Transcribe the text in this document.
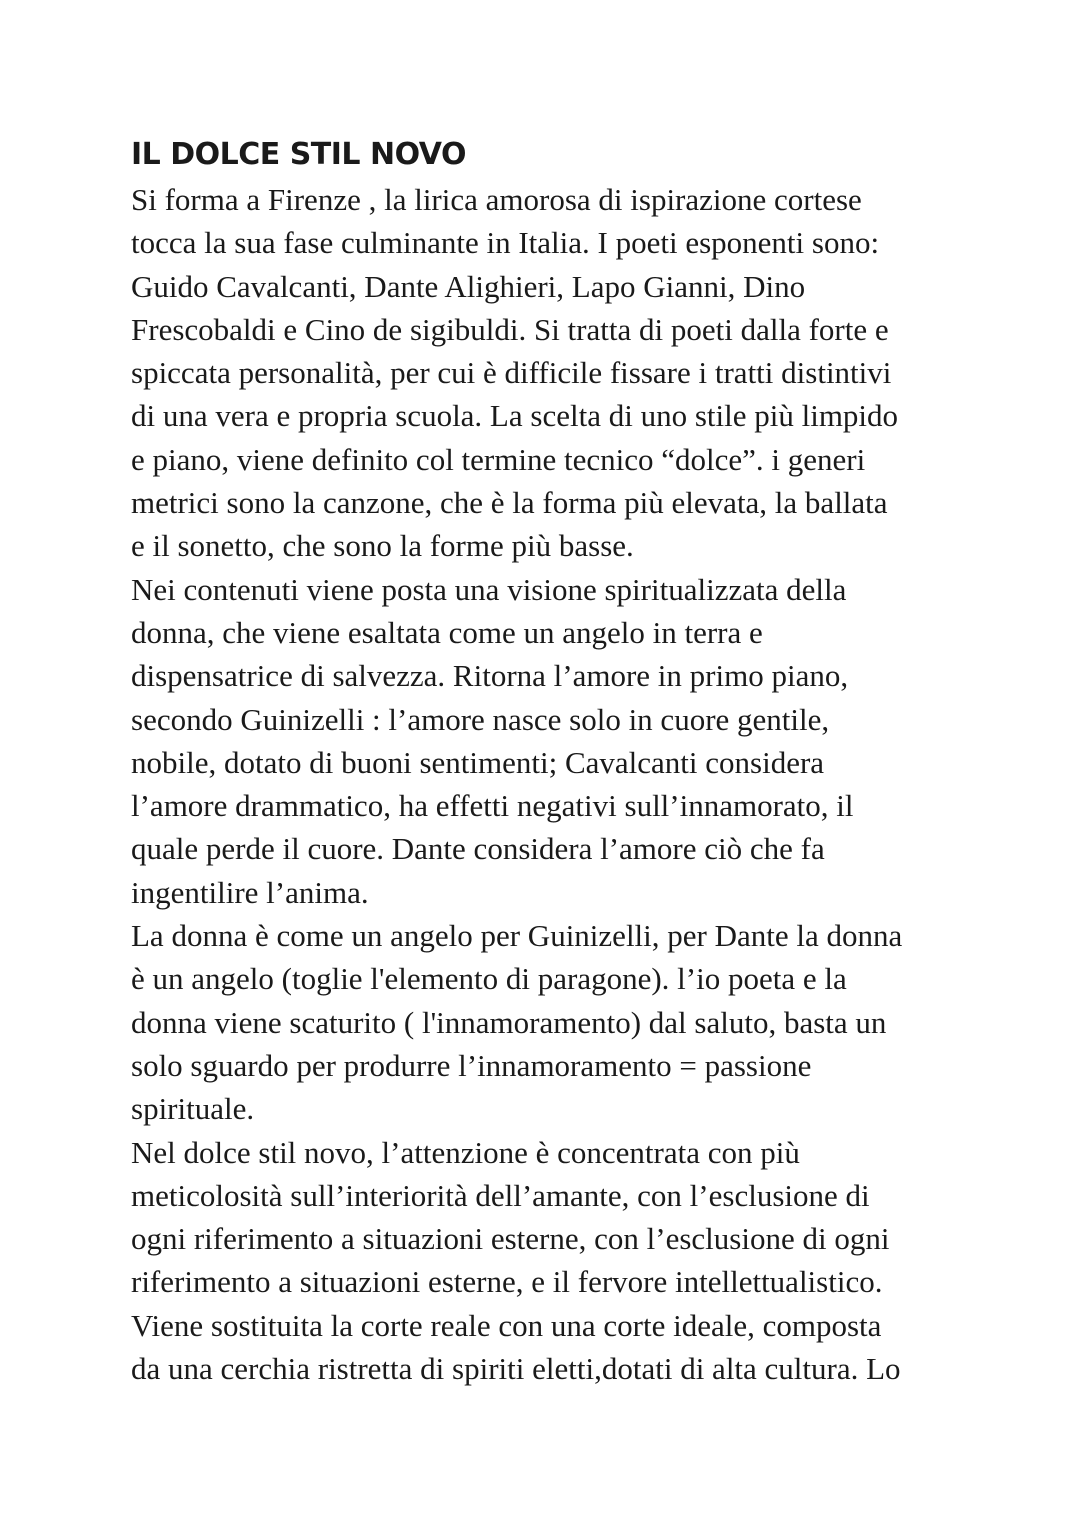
IL DOLCE STIL NOVO
Si forma a Firenze , la lirica amorosa di ispirazione cortese
tocca la sua fase culminante in Italia. I poeti esponenti sono:
Guido Cavalcanti, Dante Alighieri, Lapo Gianni, Dino
Frescobaldi e Cino de sigibuldi. Si tratta di poeti dalla forte e
spiccata personalità, per cui è difficile fissare i tratti distintivi
di una vera e propria scuola. La scelta di uno stile più limpido
e piano, viene definito col termine tecnico “dolce”. i generi
metrici sono la canzone, che è la forma più elevata, la ballata
e il sonetto, che sono la forme più basse.
Nei contenuti viene posta una visione spiritualizzata della
donna, che viene esaltata come un angelo in terra e
dispensatrice di salvezza. Ritorna l’amore in primo piano,
secondo Guinizelli : l’amore nasce solo in cuore gentile,
nobile, dotato di buoni sentimenti; Cavalcanti considera
l’amore drammatico, ha effetti negativi sull’innamorato, il
quale perde il cuore. Dante considera l’amore ciò che fa
ingentilire l’anima.
La donna è come un angelo per Guinizelli, per Dante la donna
è un angelo (toglie l'elemento di paragone). l’io poeta e la
donna viene scaturito ( l'innamoramento) dal saluto, basta un
solo sguardo per produrre l’innamoramento = passione
spirituale.
Nel dolce stil novo, l’attenzione è concentrata con più
meticolosità sull’interiorità dell’amante, con l’esclusione di
ogni riferimento a situazioni esterne, con l’esclusione di ogni
riferimento a situazioni esterne, e il fervore intellettualistico.
Viene sostituita la corte reale con una corte ideale, composta
da una cerchia ristretta di spiriti eletti,dotati di alta cultura. Lo
